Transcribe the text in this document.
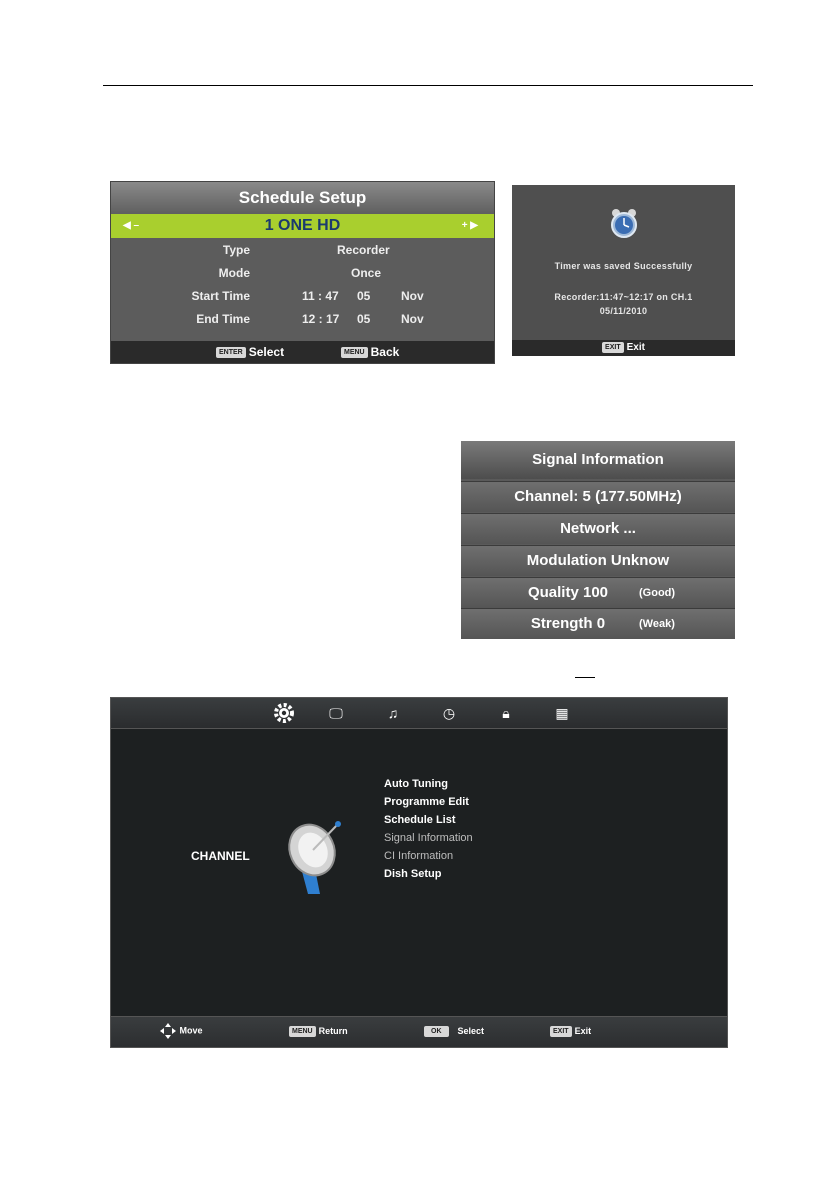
Schedule Setup
◀ –	1 ONE HD	+ ▶
Type	Recorder
Mode	Once
Start Time	11 : 47 05	Nov
End Time	12 : 17 05	Nov
ENTER Select	MENU Back
Timer was saved Successfully
Recorder:11:47~12:17 on CH.1
05/11/2010
EXIT Exit
Signal Information
Channel: 5 (177.50MHz)
Network ...
Modulation Unknow
Quality 100	(Good)
Strength 0	(Weak)
🖵	♫	◷	🔒︎	▦
CHANNEL
Auto Tuning
Programme Edit
Schedule List
Signal Information
CI Information
Dish Setup
Move	MENU Return	OK Select	EXIT Exit
